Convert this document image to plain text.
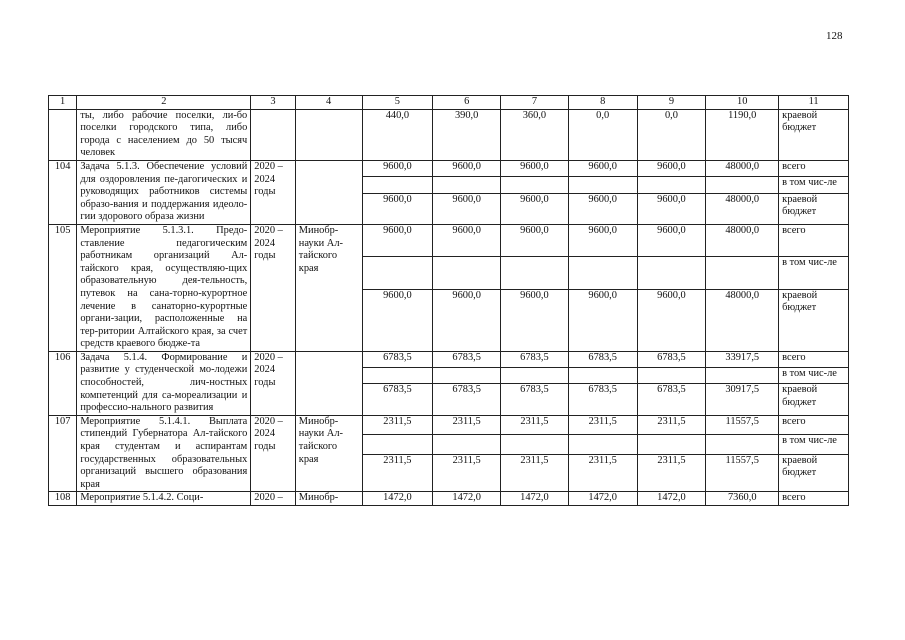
128
1	2	3	4	5	6	7	8	9	10	11
	ты, либо рабочие поселки, ли-бо поселки городского типа, либо города с населением до 50 тысяч человек			440,0	390,0	360,0	0,0	0,0	1190,0	краевой бюджет
104	Задача 5.1.3. Обеспечение условий для оздоровления пе-дагогических и руководящих работников системы образо-вания и поддержания идеоло-гии здорового образа жизни	2020 – 2024 годы		9600,0	9600,0	9600,0	9600,0	9600,0	48000,0	всего
										в том чис-ле
				9600,0	9600,0	9600,0	9600,0	9600,0	48000,0	краевой бюджет
105	Мероприятие 5.1.3.1. Предо-ставление педагогическим работникам организаций Ал-тайского края, осуществляю-щих образовательную дея-тельность, путевок на сана-торно-курортное лечение в санаторно-курортные органи-зации, расположенные на тер-ритории Алтайского края, за счет средств краевого бюдже-та	2020 – 2024 годы	Минобр-науки Ал-тайского края	9600,0	9600,0	9600,0	9600,0	9600,0	48000,0	всего
										в том чис-ле
				9600,0	9600,0	9600,0	9600,0	9600,0	48000,0	краевой бюджет
106	Задача 5.1.4. Формирование и развитие у студенческой мо-лодежи способностей, лич-ностных компетенций для са-мореализации и профессио-нального развития	2020 – 2024 годы		6783,5	6783,5	6783,5	6783,5	6783,5	33917,5	всего
										в том чис-ле
				6783,5	6783,5	6783,5	6783,5	6783,5	30917,5	краевой бюджет
107	Мероприятие 5.1.4.1. Выплата стипендий Губернатора Ал-тайского края студентам и аспирантам государственных образовательных организаций высшего образования края	2020 – 2024 годы	Минобр-науки Ал-тайского края	2311,5	2311,5	2311,5	2311,5	2311,5	11557,5	всего
										в том чис-ле
				2311,5	2311,5	2311,5	2311,5	2311,5	11557,5	краевой бюджет
108	Мероприятие 5.1.4.2. Соци-	2020 –	Минобр-	1472,0	1472,0	1472,0	1472,0	1472,0	7360,0	всего
